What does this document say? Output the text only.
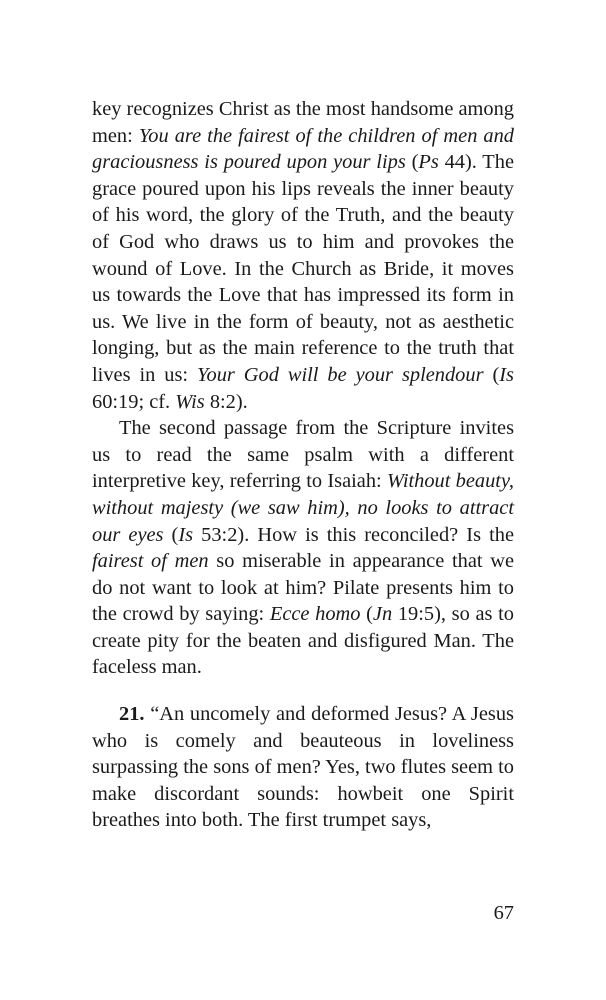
key recognizes Christ as the most handsome among men: You are the fairest of the children of men and graciousness is poured upon your lips (Ps 44). The grace poured upon his lips reveals the inner beauty of his word, the glory of the Truth, and the beauty of God who draws us to him and provokes the wound of Love. In the Church as Bride, it moves us towards the Love that has impressed its form in us. We live in the form of beauty, not as aesthetic longing, but as the main reference to the truth that lives in us: Your God will be your splendour (Is 60:19; cf. Wis 8:2).

The second passage from the Scripture invites us to read the same psalm with a different interpretive key, referring to Isaiah: Without beauty, without majesty (we saw him), no looks to attract our eyes (Is 53:2). How is this reconciled? Is the fairest of men so miserable in appearance that we do not want to look at him? Pilate presents him to the crowd by saying: Ecce homo (Jn 19:5), so as to create pity for the beaten and disfigured Man. The faceless man.

21. “An uncomely and deformed Jesus? A Jesus who is comely and beauteous in loveliness surpassing the sons of men? Yes, two flutes seem to make discordant sounds: howbeit one Spirit breathes into both. The first trumpet says,

67
